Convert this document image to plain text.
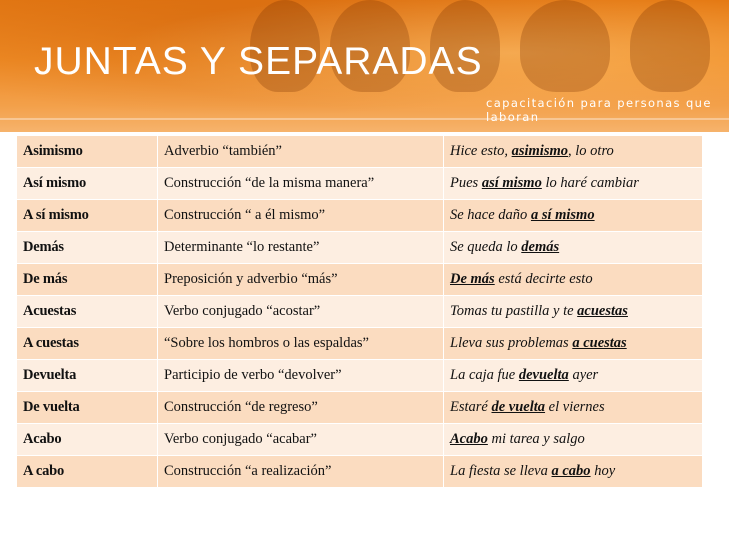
JUNTAS Y SEPARADAS
capacitación para personas que laboran
Asimismo	Adverbio “también”	Hice esto, asimismo, lo otro
Así mismo	Construcción “de la misma manera”	Pues así mismo lo haré cambiar
A sí mismo	Construcción “ a él mismo”	Se hace daño a sí mismo
Demás	Determinante “lo restante”	Se queda lo demás
De más	Preposición y adverbio “más”	De más está decirte esto
Acuestas	Verbo conjugado “acostar”	Tomas tu pastilla y te acuestas
A cuestas	“Sobre los hombros o las espaldas”	Lleva sus problemas a cuestas
Devuelta	Participio de verbo “devolver”	La caja fue devuelta ayer
De vuelta	Construcción “de regreso”	Estaré de vuelta el viernes
Acabo	Verbo conjugado “acabar”	Acabo mi tarea y salgo
A cabo	Construcción “a realización”	La fiesta se lleva a cabo hoy
